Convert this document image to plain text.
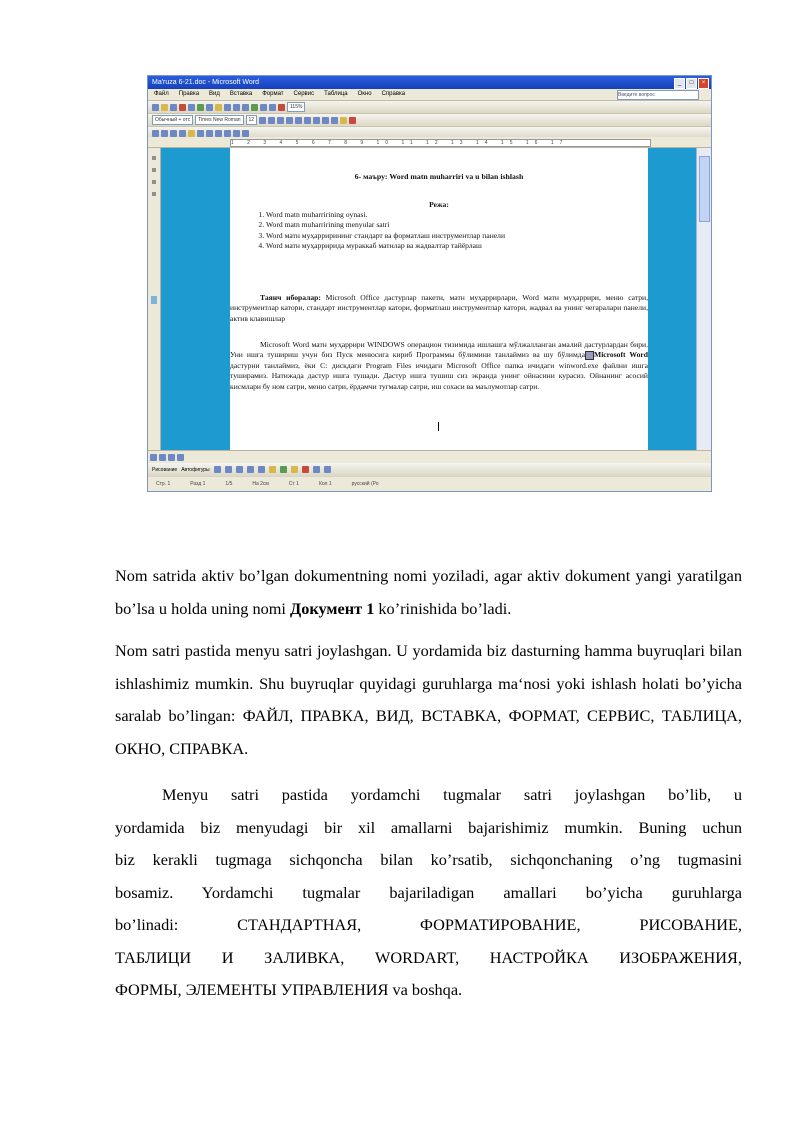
Ma'ruza 6-21.doc - Microsoft Word	_	□	×
Файл Правка Вид Вставка Формат Сервис Таблица Окно Справка	Введите вопрос
115%
Обычный + отс	Times New Roman	12
1 2 3 4 5 6 7 8 9 10 11 12 13 14 15 16 17
6- маъру: Word matn muharriri va u bilan ishlash
Режа:
1. Word matn muharririning oynasi.
2. Word matn muharririning menyular satri
3. Word матн муҳаррирининг стандарт ва форматлаш инструментлар панели
4. Word матн муҳарририда мураккаб матнлар ва жадвалтар тайёрлаш
Таянч иборалар: Microsoft Office дастурлар пакети, матн муҳаррирлари, Word матн муҳаррири, меню сатри, инструментлар катори, стандарт инструментлар катори, форматлаш инструментлар катори, жадвал ва унинг чегаралари панели, актив клавишлар
Microsoft Word матн муҳаррири WINDOWS операцион тизимида ишлашга мўлжалланган амалий дастурлардан бири. Уни ишга тушириш учун биз Пуск менюсига кириб Программы бўлимини танлаймиз ва шу бўлимда Microsoft Word дастурни танлаймиз, ёки С: дискдаги Program Files ичидаги Microsoft Office папка ичидаги winword.exe файлни ишга туширамиз. Натижада дастур ишга тушади. Дастур ишга тушиш сиз экранда унинг ойнасини курасиз. Ойнанинг асосий кисмлари бу ном сатри, меню сатри, ёрдамчи тугмалар сатри, иш сохаси ва маълумотлар сатри.
Рисование Автофигуры
Стр. 1	Разд 1	1/5	На 2см	Ст 1	Кол 1	русский (Ро
Nom satrida aktiv bo’lgan dokumentning nomi yoziladi, agar aktiv dokument yangi yaratilgan bo’lsa u holda uning nomi Документ 1 ko’rinishida bo’ladi.
Nom satri pastida menyu satri joylashgan. U yordamida biz dasturning hamma buyruqlari bilan ishlashimiz mumkin. Shu buyruqlar quyidagi guruhlarga ma‘nosi yoki ishlash holati bo’yicha saralab bo’lingan: ФАЙЛ, ПРАВКА, ВИД, ВСТАВКА, ФОРМАТ, СЕРВИС, ТАБЛИЦА, ОКНО, СПРАВКА.
Menyu satri pastida yordamchi tugmalar satri joylashgan bo’lib, u
yordamida biz menyudagi bir xil amallarni bajarishimiz mumkin. Buning uchun
biz kerakli tugmaga sichqoncha bilan ko’rsatib, sichqonchaning o’ng tugmasini
bosamiz. Yordamchi tugmalar bajariladigan amallari bo’yicha guruhlarga
bo’linadi: СТАНДАРТНАЯ, ФОРМАТИРОВАНИЕ, РИСОВАНИЕ,
ТАБЛИЦИ И ЗАЛИВКА, WORDART, НАСТРОЙКА ИЗОБРАЖЕНИЯ,
ФОРМЫ, ЭЛЕМЕНТЫ УПРАВЛЕНИЯ va boshqa.
